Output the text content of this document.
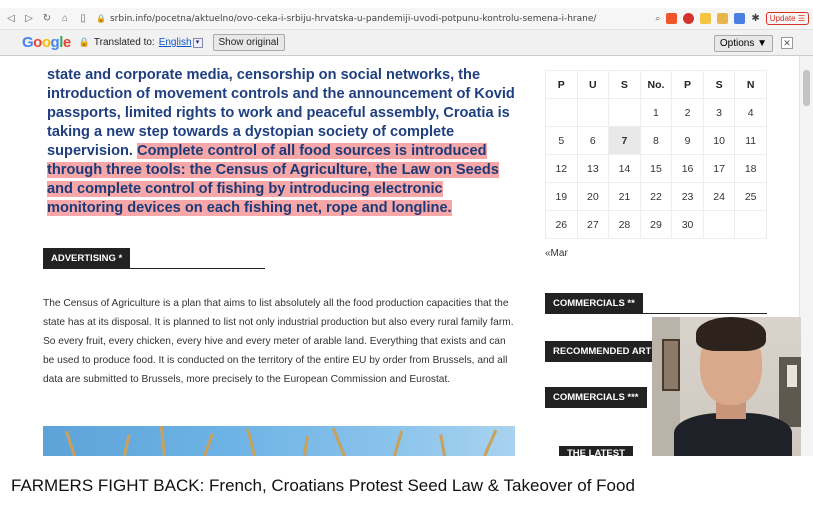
◁	▷ ↻	⌂	▯	🔒 srbin.info/pocetna/aktuelno/ovo-ceka-i-srbiju-hrvatska-u-pandemiji-uvodi-potpunu-kontrolu-semena-i-hrane/	⌕	✱	Update ☰
Google 🔒 Translated to: English ▾	Show original	Options ▼	✕
state and corporate media, censorship on social networks, the introduction of movement controls and the announcement of Kovid passports, limited rights to work and peaceful assembly, Croatia is taking a new step towards a dystopian society of complete supervision. Complete control of all food sources is introduced through three tools: the Census of Agriculture, the Law on Seeds and complete control of fishing by introducing electronic monitoring devices on each fishing net, rope and longline.
ADVERTISING *
The Census of Agriculture is a plan that aims to list absolutely all the food production capacities that the state has at its disposal. It is planned to list not only industrial production but also every rural family farm. So every fruit, every chicken, every hive and every meter of arable land. Everything that exists and can be used to produce food. It is conducted on the territory of the entire EU by order from Brussels, and all data are submitted to Brussels, more precisely to the European Commission and Eurostat.
P	U	S	No.	P	S	N
			1	2	3	4
5	6	7	8	9	10	11
12	13	14	15	16	17	18
19	20	21	22	23	24	25
26	27	28	29	30		
«Mar
COMMERCIALS **
RECOMMENDED ART
COMMERCIALS ***
THE LATEST
FARMERS FIGHT BACK: French, Croatians Protest Seed Law & Takeover of Food
